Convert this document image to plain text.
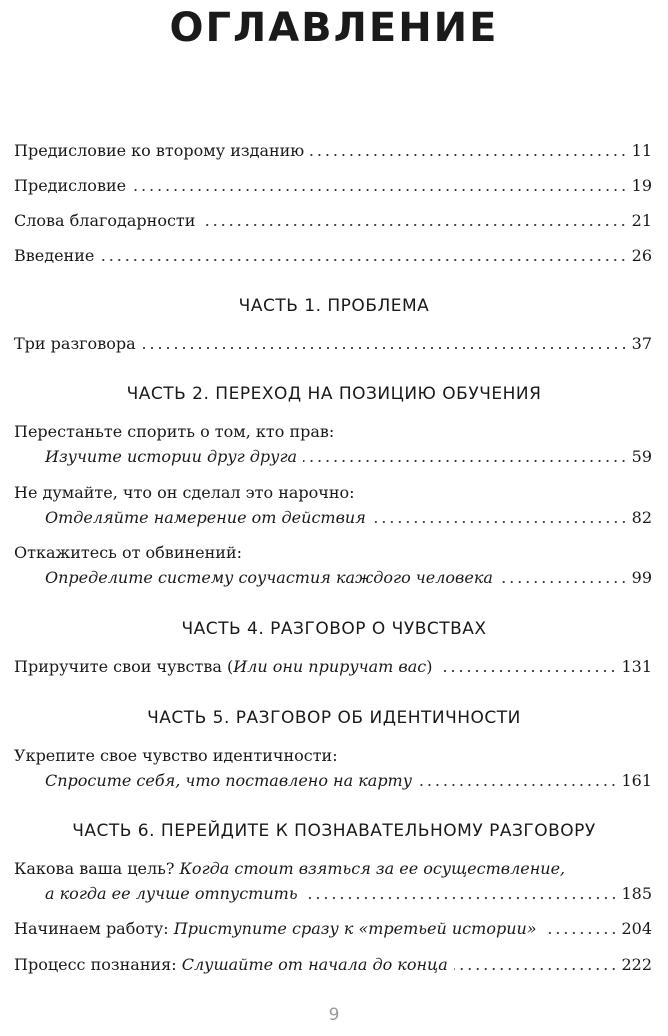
ОГЛАВЛЕНИЕ
Предисловие ко второму изданию	11
Предисловие	19
Слова благодарности	21
Введение	26
ЧАСТЬ 1. ПРОБЛЕМА
Три разговора	37
ЧАСТЬ 2. ПЕРЕХОД НА ПОЗИЦИЮ ОБУЧЕНИЯ
Перестаньте спорить о том, кто прав:
Изучите истории друг друга	59
Не думайте, что он сделал это нарочно:
Отделяйте намерение от действия	82
Откажитесь от обвинений:
Определите систему соучастия каждого человека	99
ЧАСТЬ 4. РАЗГОВОР О ЧУВСТВАХ
Приручите свои чувства (Или они приручат вас)	131
ЧАСТЬ 5. РАЗГОВОР ОБ ИДЕНТИЧНОСТИ
Укрепите свое чувство идентичности:
Спросите себя, что поставлено на карту	161
ЧАСТЬ 6. ПЕРЕЙДИТЕ К ПОЗНАВАТЕЛЬНОМУ РАЗГОВОРУ
Какова ваша цель? Когда стоит взяться за ее осуществление,
а когда ее лучше отпустить	185
Начинаем работу: Приступите сразу к «третьей истории»	204
Процесс познания: Слушайте от начала до конца	222
9
